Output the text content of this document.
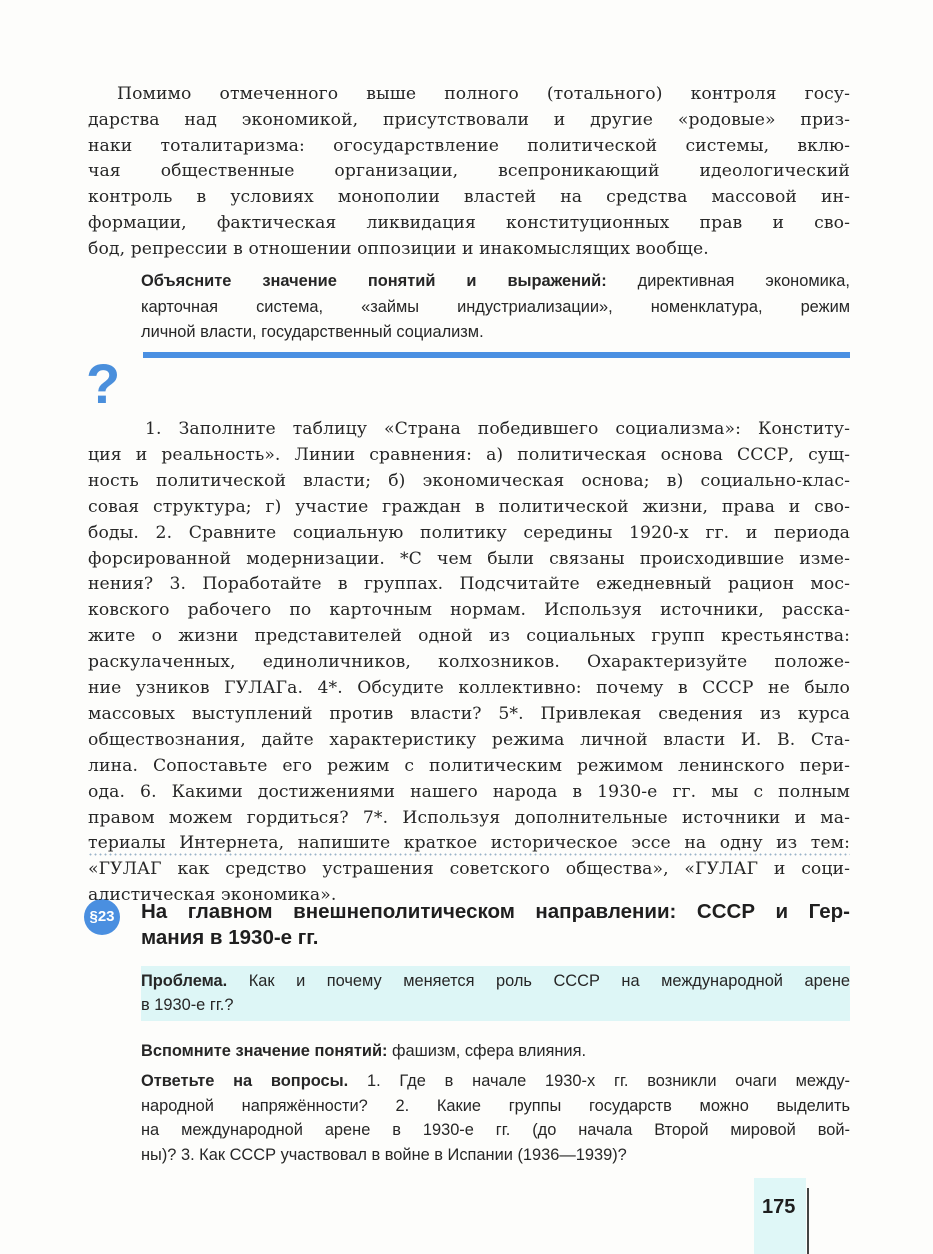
?
§23
175
Помимо отмеченного выше полного (тотального) контроля госу-
дарства над экономикой, присутствовали и другие «родовые» приз-
наки тоталитаризма: огосударствление политической системы, вклю-
чая общественные организации, всепроникающий идеологический
контроль в условиях монополии властей на средства массовой ин-
формации, фактическая ликвидация конституционных прав и сво-
бод, репрессии в отношении оппозиции и инакомыслящих вообще.
Объясните значение понятий и выражений: директивная экономика,
карточная система, «займы индустриализации», номенклатура, режим
личной власти, государственный социализм.
1. Заполните таблицу «Страна победившего социализма»: Конститу-
ция и реальность». Линии сравнения: а) политическая основа СССР, сущ-
ность политической власти; б) экономическая основа; в) социально-клас-
совая структура; г) участие граждан в политической жизни, права и сво-
боды. 2. Сравните социальную политику середины 1920-х гг. и периода
форсированной модернизации. *С чем были связаны происходившие изме-
нения? 3. Поработайте в группах. Подсчитайте ежедневный рацион мос-
ковского рабочего по карточным нормам. Используя источники, расска-
жите о жизни представителей одной из социальных групп крестьянства:
раскулаченных, единоличников, колхозников. Охарактеризуйте положе-
ние узников ГУЛАГа. 4*. Обсудите коллективно: почему в СССР не было
массовых выступлений против власти? 5*. Привлекая сведения из курса
обществознания, дайте характеристику режима личной власти И. В. Ста-
лина. Сопоставьте его режим с политическим режимом ленинского пери-
ода. 6. Какими достижениями нашего народа в 1930-е гг. мы с полным
правом можем гордиться? 7*. Используя дополнительные источники и ма-
териалы Интернета, напишите краткое историческое эссе на одну из тем:
«ГУЛАГ как средство устрашения советского общества», «ГУЛАГ и соци-
алистическая экономика».
На главном внешнеполитическом направлении: СССР и Гер-
мания в 1930-е гг.
Проблема. Как и почему меняется роль СССР на международной арене
в 1930-е гг.?
Вспомните значение понятий: фашизм, сфера влияния.
Ответьте на вопросы. 1. Где в начале 1930-х гг. возникли очаги между-
народной напряжённости? 2. Какие группы государств можно выделить
на международной арене в 1930-е гг. (до начала Второй мировой вой-
ны)? 3. Как СССР участвовал в войне в Испании (1936—1939)?
